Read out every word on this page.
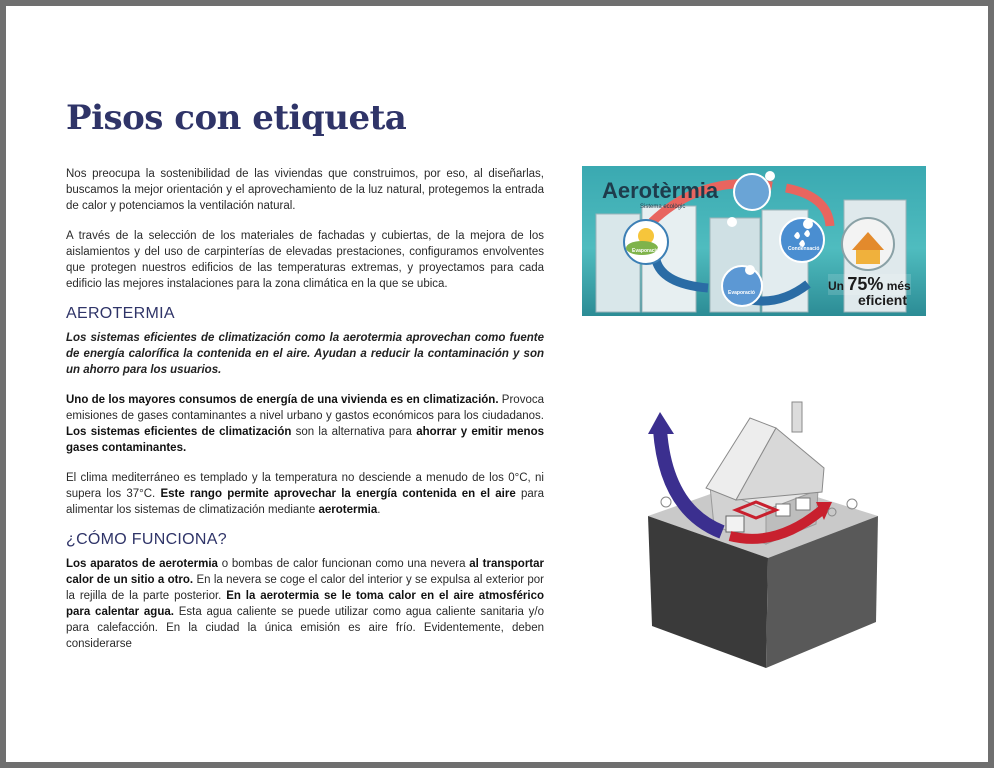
Pisos con etiqueta

Nos preocupa la sostenibilidad de las viviendas que construimos, por eso, al diseñarlas, buscamos la mejor orientación y el aprovechamiento de la luz natural, protegemos la entrada de calor y potenciamos la ventilación natural.

A través de la selección de los materiales de fachadas y cubiertas, de la mejora de los aislamientos y del uso de carpinterías de elevadas prestaciones, configuramos envolventes que protegen nuestros edificios de las temperaturas extremas, y proyectamos para cada edificio las mejores instalaciones para la zona climática en la que se ubica.

AEROTERMIA

Los sistemas eficientes de climatización como la aerotermia aprovechan como fuente de energía calorífica la contenida en el aire. Ayudan a reducir la contaminación y son un ahorro para los usuarios.

Uno de los mayores consumos de energía de una vivienda es en climatización. Provoca emisiones de gases contaminantes a nivel urbano y gastos económicos para los ciudadanos. Los sistemas eficientes de climatización son la alternativa para ahorrar y emitir menos gases contaminantes.

El clima mediterráneo es templado y la temperatura no desciende a menudo de los 0°C, ni supera los 37°C. Este rango permite aprovechar la energía contenida en el aire para alimentar los sistemas de climatización mediante aerotermia.

¿CÓMO FUNCIONA?

Los aparatos de aerotermia o bombas de calor funcionan como una nevera al transportar calor de un sitio a otro. En la nevera se coge el calor del interior y se expulsa al exterior por la rejilla de la parte posterior. En la aerotermia se le toma calor en el aire atmosférico para calentar agua. Esta agua caliente se puede utilizar como agua caliente sanitaria y/o para calefacción. En la ciudad la única emisión es aire frío. Evidentemente, deben considerarse

Aerotèrmia
Sistema ecològic
Evaporació	Condensació
Evaporació	Un 75% més
eficient
